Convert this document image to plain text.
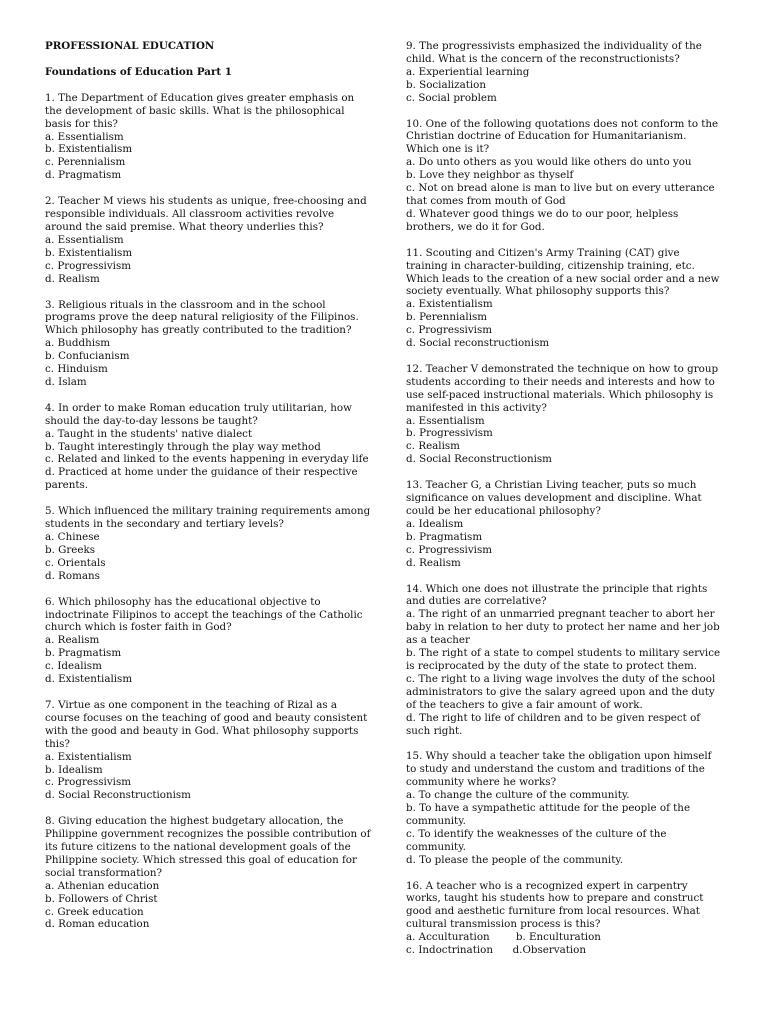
PROFESSIONAL EDUCATION

Foundations of Education Part 1

1. The Department of Education gives greater emphasis on the development of basic skills. What is the philosophical basis for this?

a. Essentialism

b. Existentialism

c. Perennialism

d. Pragmatism

2. Teacher M views his students as unique, free-choosing and responsible individuals. All classroom activities revolve around the said premise. What theory underlies this?

a. Essentialism

b. Existentialism

c. Progressivism

d. Realism

3. Religious rituals in the classroom and in the school programs prove the deep natural religiosity of the Filipinos. Which philosophy has greatly contributed to the tradition?

a. Buddhism

b. Confucianism

c. Hinduism

d. Islam

4. In order to make Roman education truly utilitarian, how should the day-to-day lessons be taught?

a. Taught in the students' native dialect

b. Taught interestingly through the play way method

c. Related and linked to the events happening in everyday life

d. Practiced at home under the guidance of their respective parents.

5. Which influenced the military training requirements among students in the secondary and tertiary levels?

a. Chinese

b. Greeks

c. Orientals

d. Romans

6. Which philosophy has the educational objective to indoctrinate Filipinos to accept the teachings of the Catholic church which is foster faith in God?

a. Realism

b. Pragmatism

c. Idealism

d. Existentialism

7. Virtue as one component in the teaching of Rizal as a course focuses on the teaching of good and beauty consistent with the good and beauty in God. What philosophy supports this?

a. Existentialism

b. Idealism

c. Progressivism

d. Social Reconstructionism

8. Giving education the highest budgetary allocation, the Philippine government recognizes the possible contribution of its future citizens to the national development goals of the Philippine society. Which stressed this goal of education for social transformation?

a. Athenian education

b. Followers of Christ

c. Greek education

d. Roman education

9. The progressivists emphasized the individuality of the child. What is the concern of the reconstructionists?

a. Experiential learning

b. Socialization

c. Social problem

10. One of the following quotations does not conform to the Christian doctrine of Education for Humanitarianism. Which one is it?

a. Do unto others as you would like others do unto you

b. Love they neighbor as thyself

c. Not on bread alone is man to live but on every utterance that comes from mouth of God

d. Whatever good things we do to our poor, helpless brothers, we do it for God.

11. Scouting and Citizen's Army Training (CAT) give training in character-building, citizenship training, etc. Which leads to the creation of a new social order and a new society eventually. What philosophy supports this?

a. Existentialism

b. Perennialism

c. Progressivism

d. Social reconstructionism

12. Teacher V demonstrated the technique on how to group students according to their needs and interests and how to use self-paced instructional materials. Which philosophy is manifested in this activity?

a. Essentialism

b. Progressivism

c. Realism

d. Social Reconstructionism

13. Teacher G, a Christian Living teacher, puts so much significance on values development and discipline. What could be her educational philosophy?

a. Idealism

b. Pragmatism

c. Progressivism

d. Realism

14. Which one does not illustrate the principle that rights and duties are correlative?

a. The right of an unmarried pregnant teacher to abort her baby in relation to her duty to protect her name and her job as a teacher

b. The right of a state to compel students to military service is reciprocated by the duty of the state to protect them.

c. The right to a living wage involves the duty of the school administrators to give the salary agreed upon and the duty of the teachers to give a fair amount of work.

d. The right to life of children and to be given respect of such right.

15. Why should a teacher take the obligation upon himself to study and understand the custom and traditions of the community where he works?

a. To change the culture of the community.

b. To have a sympathetic attitude for the people of the community.

c. To identify the weaknesses of the culture of the community.

d. To please the people of the community.

16. A teacher who is a recognized expert in carpentry works, taught his students how to prepare and construct good and aesthetic furniture from local resources. What cultural transmission process is this?

a. Acculturation        b. Enculturation

c. Indoctrination      d.Observation
